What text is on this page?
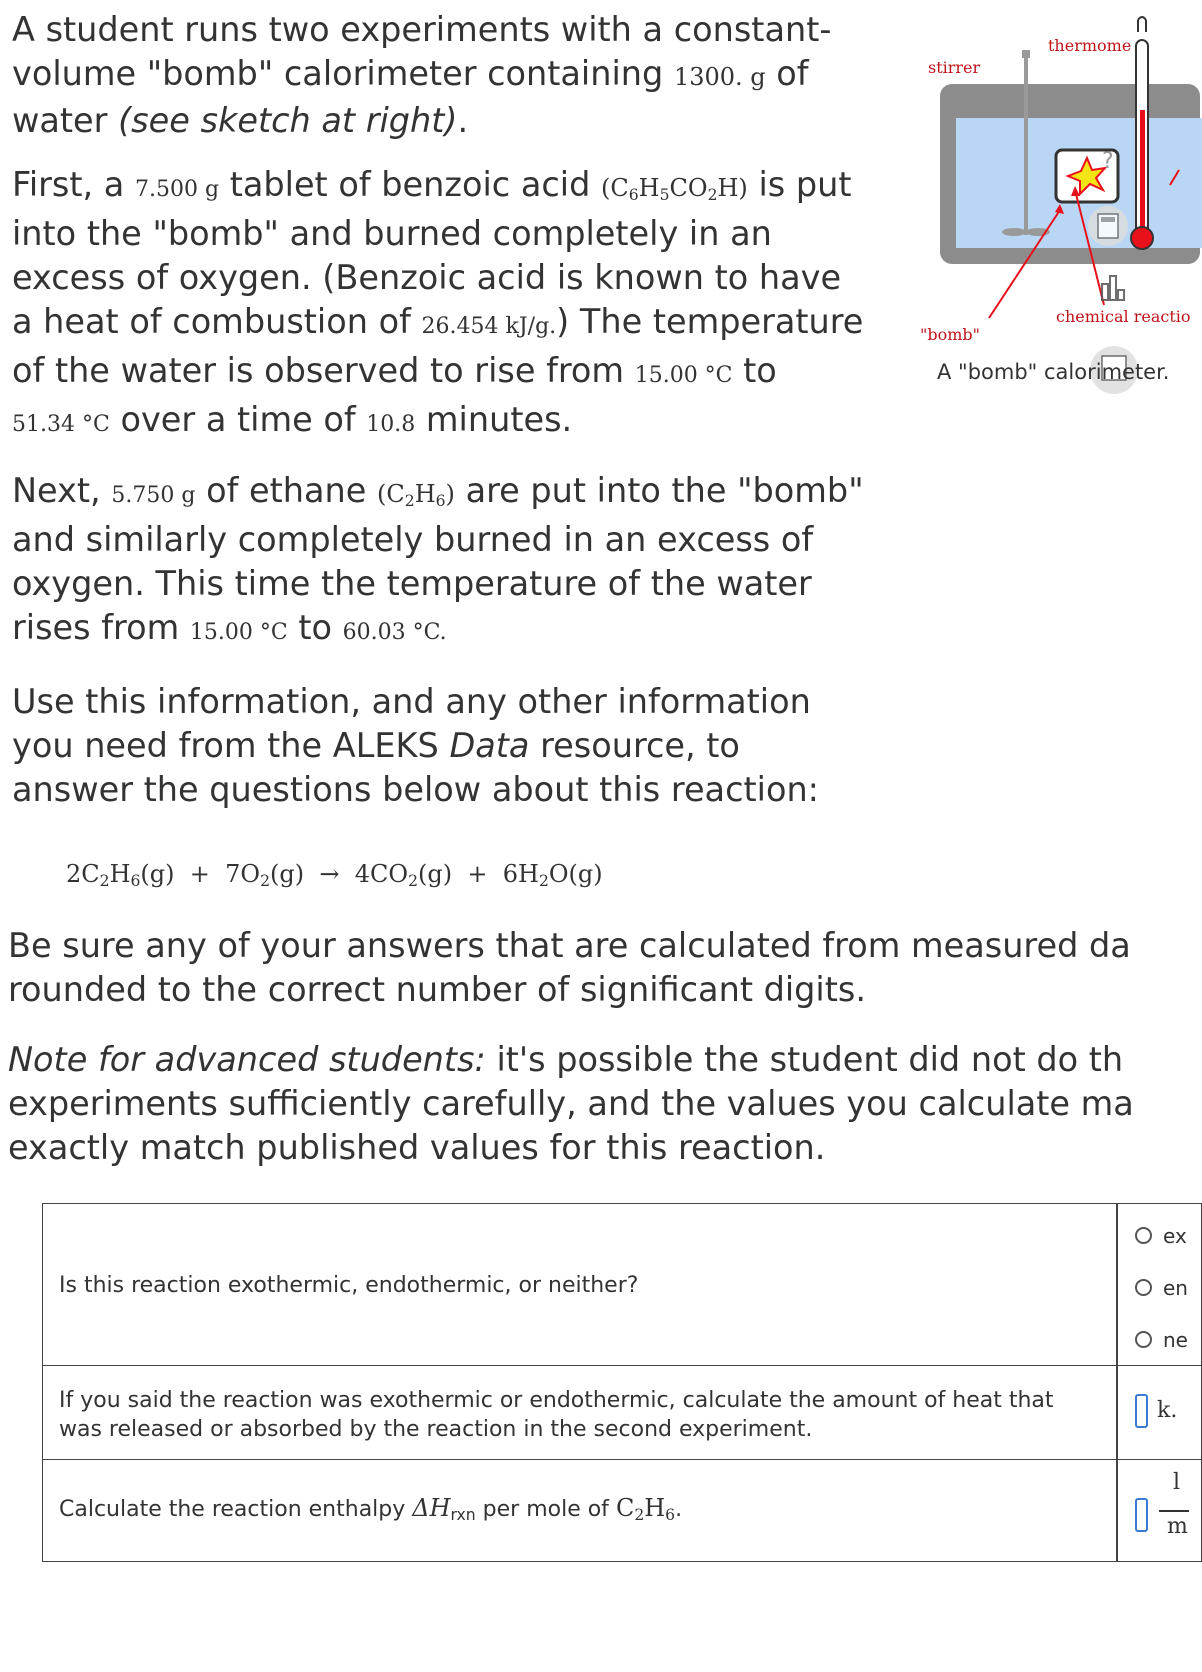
A student runs two experiments with a constant-
volume "bomb" calorimeter containing 1300. g of
water (see sketch at right).
First, a 7.500 g tablet of benzoic acid $(C_6H_5CO_2H)$ is put
into the "bomb" and burned completely in an
excess of oxygen. (Benzoic acid is known to have
a heat of combustion of 26.454 kJ/g.) The temperature
of the water is observed to rise from 15.00 °C to
51.34 °C over a time of 10.8 minutes.
Next, 5.750 g of ethane $(C_2H_6)$ are put into the "bomb"
and similarly completely burned in an excess of
oxygen. This time the temperature of the water
rises from 15.00 °C to 60.03 °C.
Use this information, and any other information
you need from the ALEKS Data resource, to
answer the questions below about this reaction:
$2C_2H_6(g) + 7O_2(g) \to 4CO_2(g) + 6H_2O(g)$
Be sure any of your answers that are calculated from measured da
rounded to the correct number of significant digits.
Note for advanced students: it's possible the student did not do th
experiments sufficiently carefully, and the values you calculate ma
exactly match published values for this reaction.
?
thermome
stirrer
"bomb"
chemical reactio
A "bomb" calorimeter.
Is this reaction exothermic, endothermic, or neither?
ex
en
ne
If you said the reaction was exothermic or endothermic, calculate the amount of heat that was released or absorbed by the reaction in the second experiment.
k.
Calculate the reaction enthalpy $\Delta H_{rxn}$ per mole of $C_2H_6$.
l
m
